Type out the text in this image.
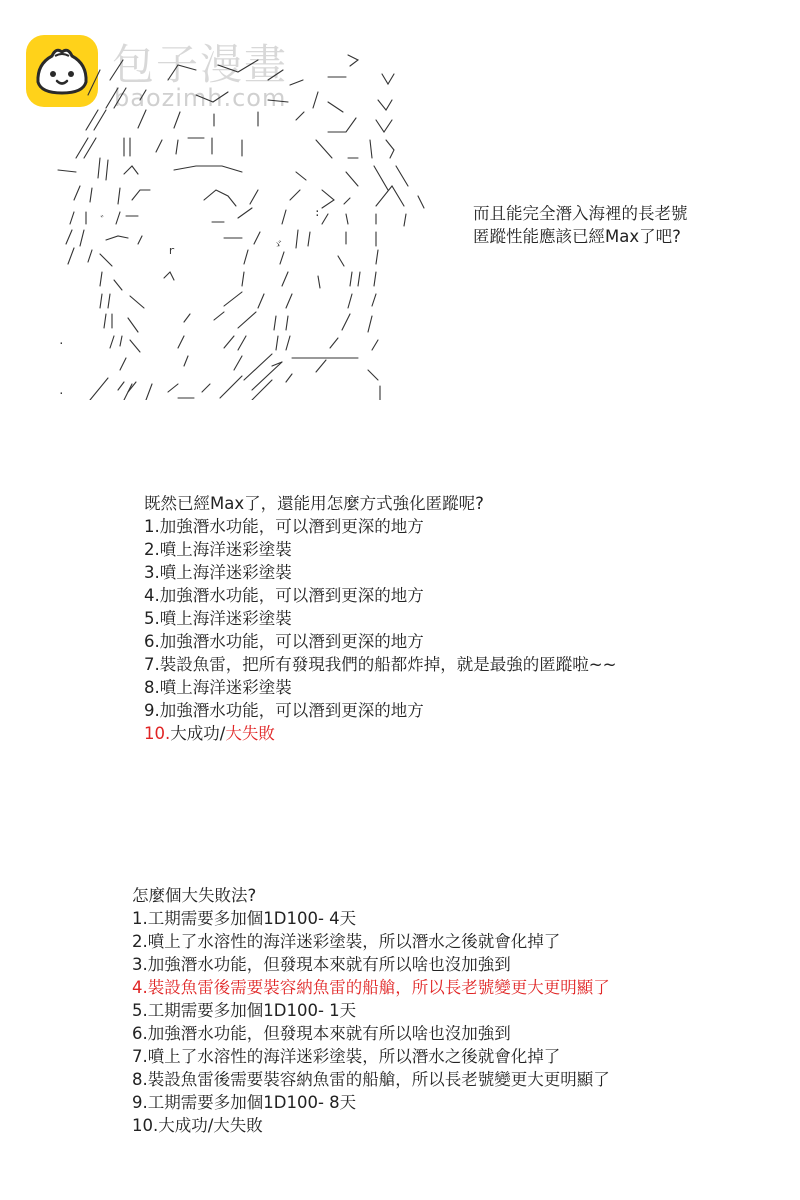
包子漫畫
baozimh.com
r	ゞ
:
゛
.
.
而且能完全潛入海裡的長老號
匿蹤性能應該已經Max了吧?
既然已經Max了，還能用怎麼方式強化匿蹤呢?
1.加強潛水功能，可以潛到更深的地方
2.噴上海洋迷彩塗裝
3.噴上海洋迷彩塗裝
4.加強潛水功能，可以潛到更深的地方
5.噴上海洋迷彩塗裝
6.加強潛水功能，可以潛到更深的地方
7.裝設魚雷，把所有發現我們的船都炸掉，就是最強的匿蹤啦~~
8.噴上海洋迷彩塗裝
9.加強潛水功能，可以潛到更深的地方
10.大成功/大失敗
怎麼個大失敗法?
1.工期需要多加個1D100- 4天
2.噴上了水溶性的海洋迷彩塗裝，所以潛水之後就會化掉了
3.加強潛水功能，但發現本來就有所以啥也沒加強到
4.裝設魚雷後需要裝容納魚雷的船艙，所以長老號變更大更明顯了
5.工期需要多加個1D100- 1天
6.加強潛水功能，但發現本來就有所以啥也沒加強到
7.噴上了水溶性的海洋迷彩塗裝，所以潛水之後就會化掉了
8.裝設魚雷後需要裝容納魚雷的船艙，所以長老號變更大更明顯了
9.工期需要多加個1D100- 8天
10.大成功/大失敗
